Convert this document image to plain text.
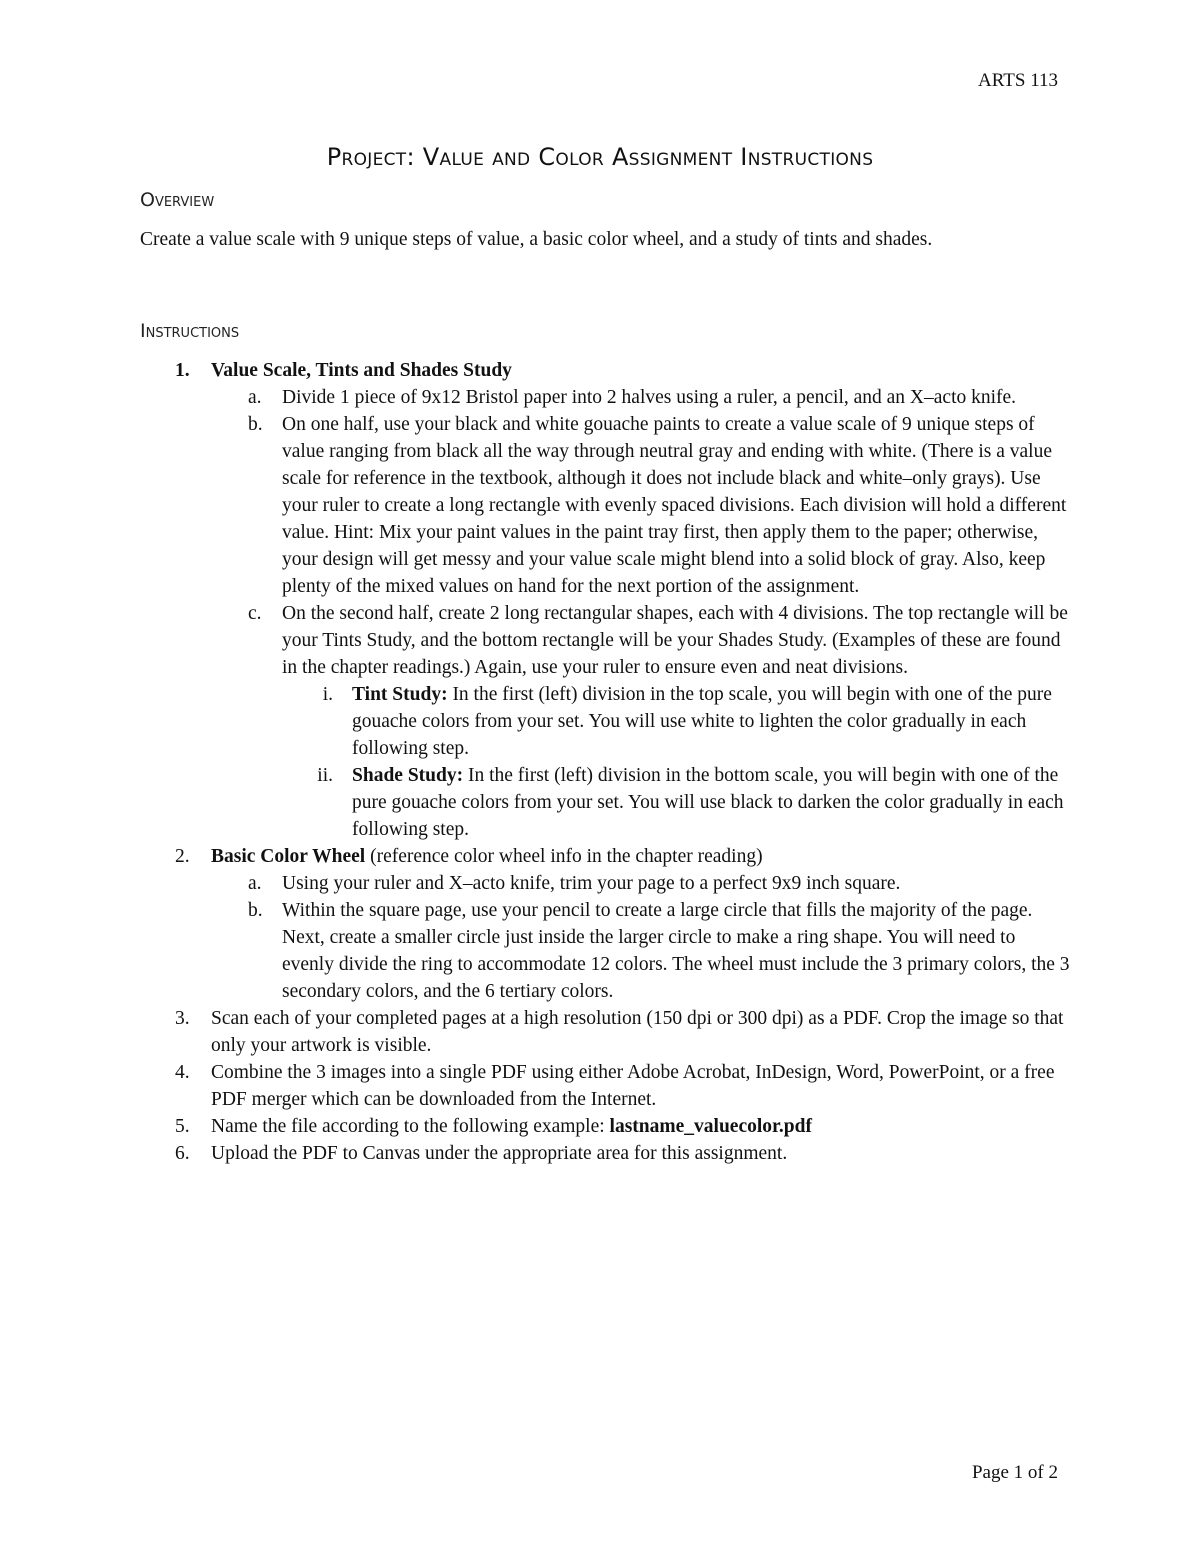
ARTS 113
Project: Value and Color Assignment Instructions
Overview
Create a value scale with 9 unique steps of value, a basic color wheel, and a study of tints and shades.
Instructions
1. Value Scale, Tints and Shades Study
a. Divide 1 piece of 9x12 Bristol paper into 2 halves using a ruler, a pencil, and an X–acto knife.
b. On one half, use your black and white gouache paints to create a value scale of 9 unique steps of value ranging from black all the way through neutral gray and ending with white. (There is a value scale for reference in the textbook, although it does not include black and white–only grays). Use your ruler to create a long rectangle with evenly spaced divisions. Each division will hold a different value. Hint: Mix your paint values in the paint tray first, then apply them to the paper; otherwise, your design will get messy and your value scale might blend into a solid block of gray. Also, keep plenty of the mixed values on hand for the next portion of the assignment.
c. On the second half, create 2 long rectangular shapes, each with 4 divisions. The top rectangle will be your Tints Study, and the bottom rectangle will be your Shades Study. (Examples of these are found in the chapter readings.) Again, use your ruler to ensure even and neat divisions.
i. Tint Study: In the first (left) division in the top scale, you will begin with one of the pure gouache colors from your set. You will use white to lighten the color gradually in each following step.
ii. Shade Study: In the first (left) division in the bottom scale, you will begin with one of the pure gouache colors from your set. You will use black to darken the color gradually in each following step.
2. Basic Color Wheel (reference color wheel info in the chapter reading)
a. Using your ruler and X–acto knife, trim your page to a perfect 9x9 inch square.
b. Within the square page, use your pencil to create a large circle that fills the majority of the page. Next, create a smaller circle just inside the larger circle to make a ring shape. You will need to evenly divide the ring to accommodate 12 colors. The wheel must include the 3 primary colors, the 3 secondary colors, and the 6 tertiary colors.
3. Scan each of your completed pages at a high resolution (150 dpi or 300 dpi) as a PDF. Crop the image so that only your artwork is visible.
4. Combine the 3 images into a single PDF using either Adobe Acrobat, InDesign, Word, PowerPoint, or a free PDF merger which can be downloaded from the Internet.
5. Name the file according to the following example: lastname_valuecolor.pdf
6. Upload the PDF to Canvas under the appropriate area for this assignment.
Page 1 of 2
